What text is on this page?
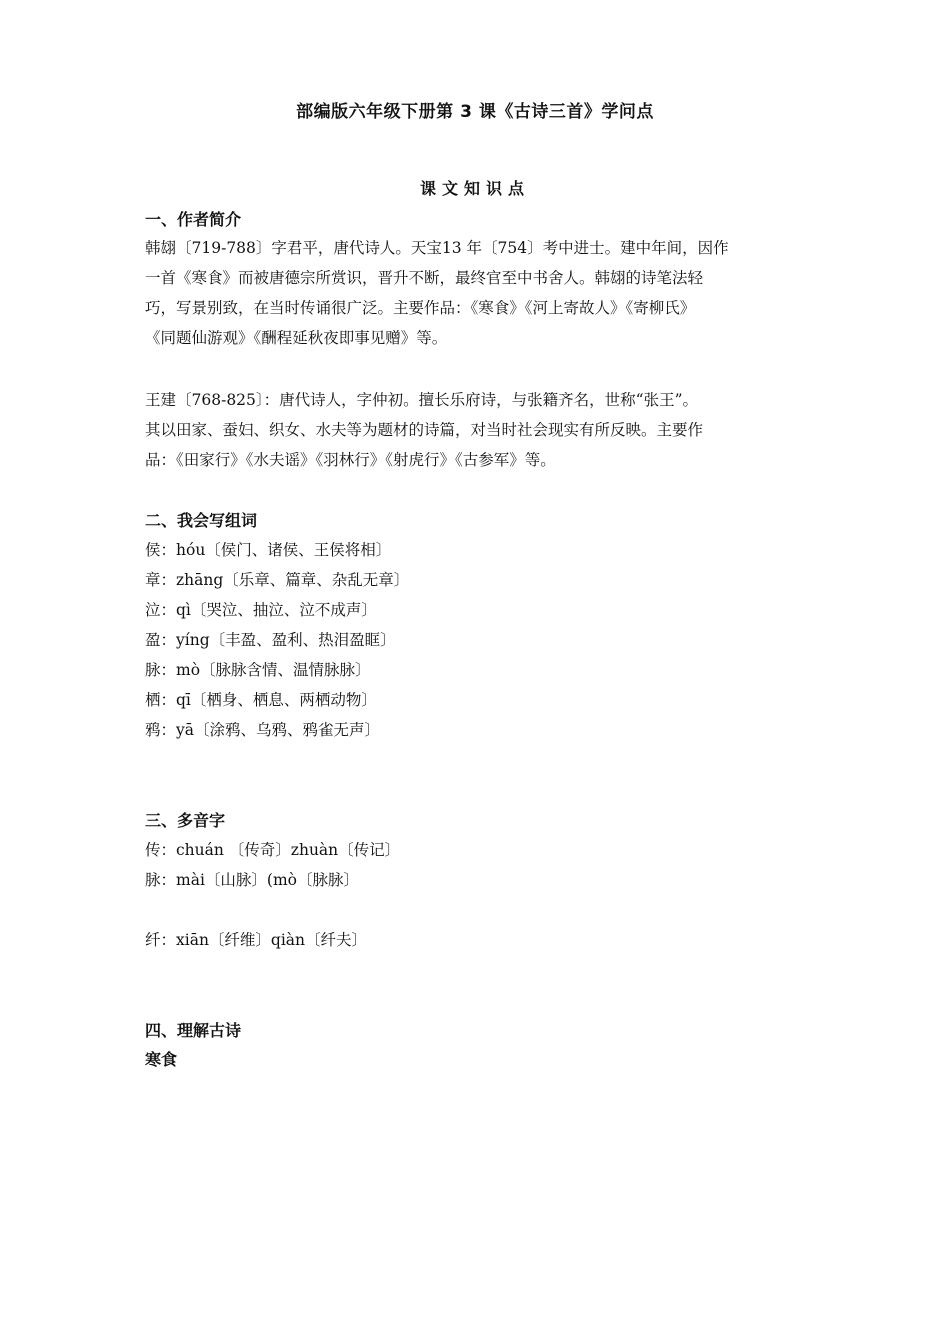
部编版六年级下册第 3 课《古诗三首》学问点
课文知识点
一、作者简介
韩翃〔719-788〕字君平，唐代诗人。天宝13 年〔754〕考中进士。建中年间，因作
一首《寒食》而被唐德宗所赏识，晋升不断，最终官至中书舍人。韩翃的诗笔法轻
巧，写景别致，在当时传诵很广泛。主要作品：《寒食》《河上寄故人》《寄柳氏》
《同题仙游观》《酬程延秋夜即事见赠》等。
王建〔768-825〕：唐代诗人，字仲初。擅长乐府诗，与张籍齐名，世称“张王”。
其以田家、蚕妇、织女、水夫等为题材的诗篇，对当时社会现实有所反映。主要作
品：《田家行》《水夫谣》《羽林行》《射虎行》《古参军》等。
二、我会写组词
侯：hóu〔侯门、诸侯、王侯将相〕
章：zhāng〔乐章、篇章、杂乱无章〕
泣：qì〔哭泣、抽泣、泣不成声〕
盈：yíng〔丰盈、盈利、热泪盈眶〕
脉：mò〔脉脉含情、温情脉脉〕
栖：qī〔栖身、栖息、两栖动物〕
鸦：yā〔涂鸦、乌鸦、鸦雀无声〕
三、多音字
传：chuán 〔传奇〕zhuàn〔传记〕
脉：mài〔山脉〕(mò〔脉脉〕
纤：xiān〔纤维〕qiàn〔纤夫〕
四、理解古诗
寒食
